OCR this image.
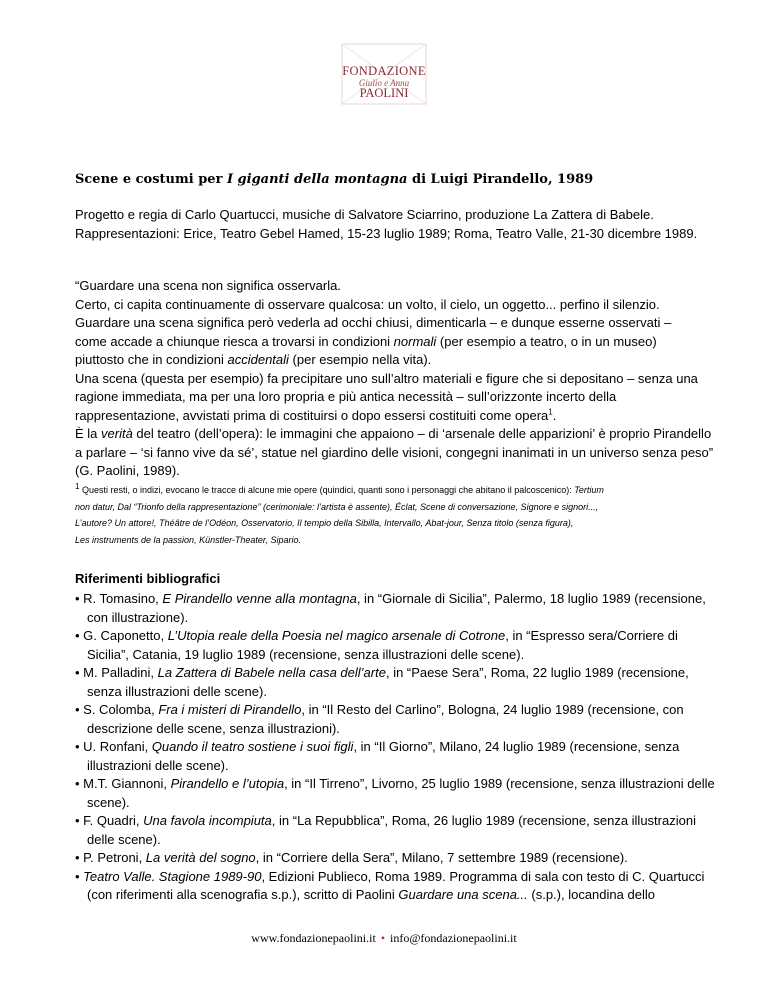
FONDAZIONE
Giulio e Anna
PAOLINI
Scene e costumi per I giganti della montagna di Luigi Pirandello, 1989
Progetto e regia di Carlo Quartucci, musiche di Salvatore Sciarrino, produzione La Zattera di Babele.
Rappresentazioni: Erice, Teatro Gebel Hamed, 15-23 luglio 1989; Roma, Teatro Valle, 21-30 dicembre 1989.
“Guardare una scena non significa osservarla.
Certo, ci capita continuamente di osservare qualcosa: un volto, il cielo, un oggetto... perfino il silenzio.
Guardare una scena significa però vederla ad occhi chiusi, dimenticarla – e dunque esserne osservati –
come accade a chiunque riesca a trovarsi in condizioni normali (per esempio a teatro, o in un museo)
piuttosto che in condizioni accidentali (per esempio nella vita).
Una scena (questa per esempio) fa precipitare uno sull’altro materiali e figure che si depositano – senza una
ragione immediata, ma per una loro propria e più antica necessità – sull’orizzonte incerto della
rappresentazione, avvistati prima di costituirsi o dopo essersi costituiti come opera$^1$.
È la verità del teatro (dell’opera): le immagini che appaiono – di ‘arsenale delle apparizioni’ è proprio Pirandello
a parlare – ‘si fanno vive da sé’, statue nel giardino delle visioni, congegni inanimati in un universo senza peso”
(G. Paolini, 1989).
$^1$ Questi resti, o indizi, evocano le tracce di alcune mie opere (quindici, quanti sono i personaggi che abitano il palcoscenico): Tertium
non datur, Dal “Trionfo della rappresentazione” (cerimoniale: l’artista è assente), Éclat, Scene di conversazione, Signore e signori...,
L’autore? Un attore!, Théâtre de l’Odéon, Osservatorio, Il tempio della Sibilla, Intervallo, Abat-jour, Senza titolo (senza figura),
Les instruments de la passion, Künstler-Theater, Sipario.
Riferimenti bibliografici
• R. Tomasino, E Pirandello venne alla montagna, in “Giornale di Sicilia”, Palermo, 18 luglio 1989 (recensione, con illustrazione).
• G. Caponetto, L’Utopia reale della Poesia nel magico arsenale di Cotrone, in “Espresso sera/Corriere di Sicilia”, Catania, 19 luglio 1989 (recensione, senza illustrazioni delle scene).
• M. Palladini, La Zattera di Babele nella casa dell’arte, in “Paese Sera”, Roma, 22 luglio 1989 (recensione, senza illustrazioni delle scene).
• S. Colomba, Fra i misteri di Pirandello, in “Il Resto del Carlino”, Bologna, 24 luglio 1989 (recensione, con descrizione delle scene, senza illustrazioni).
• U. Ronfani, Quando il teatro sostiene i suoi figli, in “Il Giorno”, Milano, 24 luglio 1989 (recensione, senza illustrazioni delle scene).
• M.T. Giannoni, Pirandello e l’utopia, in “Il Tirreno”, Livorno, 25 luglio 1989 (recensione, senza illustrazioni delle scene).
• F. Quadri, Una favola incompiuta, in “La Repubblica”, Roma, 26 luglio 1989 (recensione, senza illustrazioni delle scene).
• P. Petroni, La verità del sogno, in “Corriere della Sera”, Milano, 7 settembre 1989 (recensione).
• Teatro Valle. Stagione 1989-90, Edizioni Publieco, Roma 1989. Programma di sala con testo di C. Quartucci (con riferimenti alla scenografia s.p.), scritto di Paolini Guardare una scena... (s.p.), locandina dello
www.fondazionepaolini.it • info@fondazionepaolini.it
